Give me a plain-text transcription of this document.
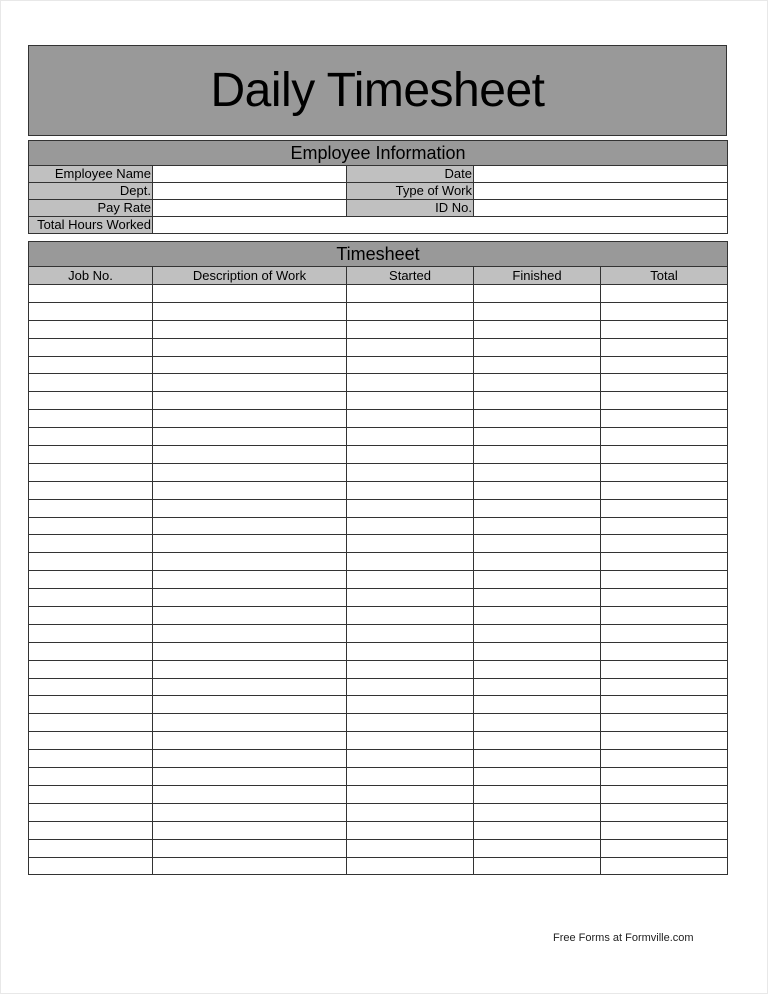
Daily Timesheet
Employee Information			
Employee Name		Date	
Dept.		Type of Work	
Pay Rate		ID No.	
Total Hours Worked			
Timesheet				
Job No.	Description of Work	Started	Finished	Total

Free Forms at Formville.com
